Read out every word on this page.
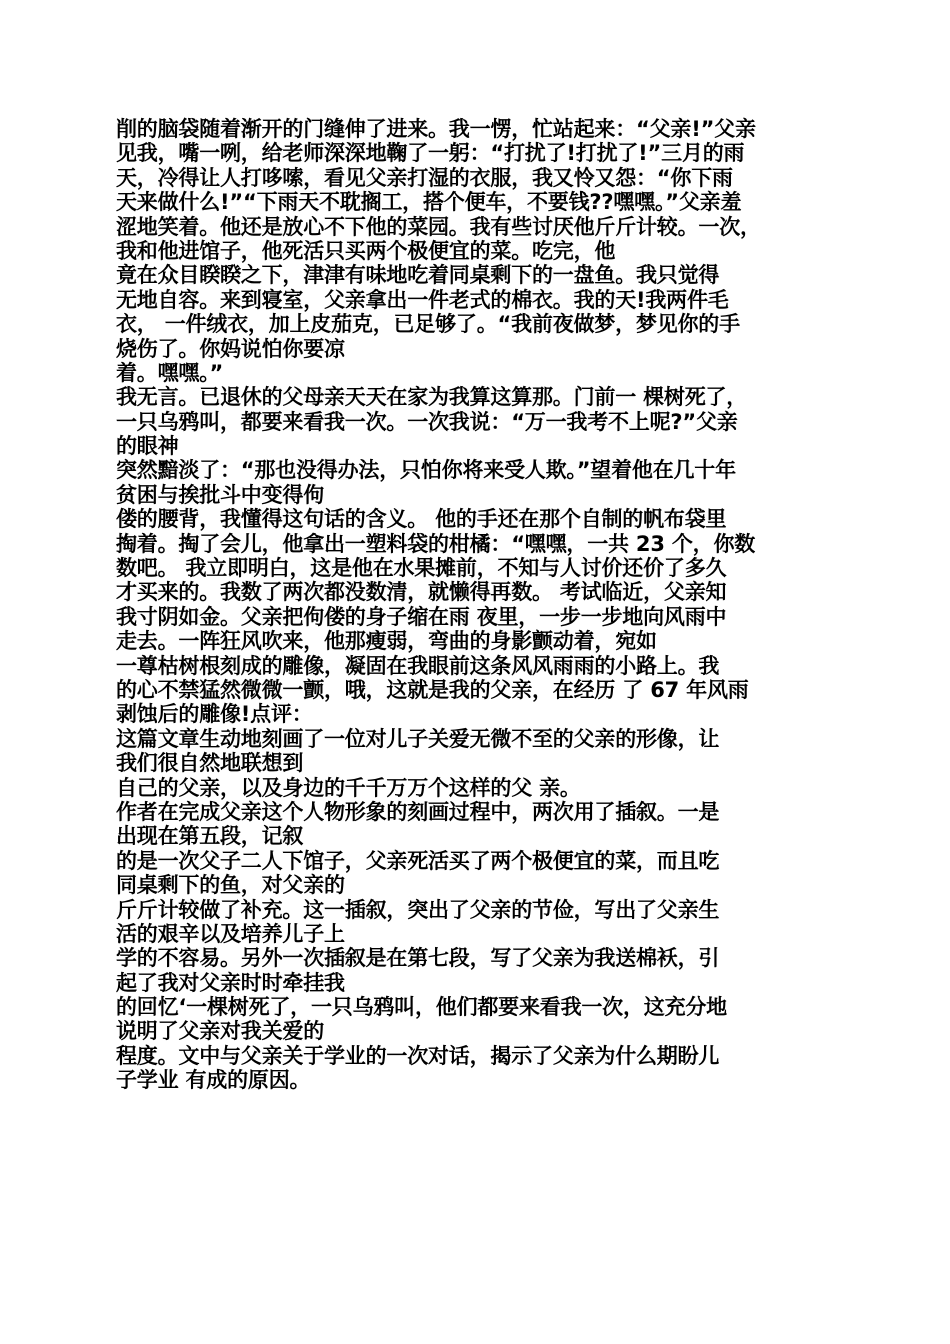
削的脑袋随着渐开的门缝伸了进来。我一愣，忙站起来：“父亲!”父亲
见我，嘴一咧，给老师深深地鞠了一躬：“打扰了!打扰了!”三月的雨
天，冷得让人打哆嗦，看见父亲打湿的衣服，我又怜又怨：“你下雨
天来做什么!”“下雨天不耽搁工，搭个便车，不要钱??嘿嘿。”父亲羞
涩地笑着。他还是放心不下他的菜园。我有些讨厌他斤斤计较。一次，
我和他进馆子，他死活只买两个极便宜的菜。吃完，他
竟在众目睽睽之下，津津有味地吃着同桌剩下的一盘鱼。我只觉得
无地自容。来到寝室，父亲拿出一件老式的棉衣。我的天!我两件毛
衣， 一件绒衣，加上皮茄克，已足够了。“我前夜做梦，梦见你的手
烧伤了。你妈说怕你要凉
着。嘿嘿。”
我无言。已退休的父母亲天天在家为我算这算那。门前一 棵树死了，
一只乌鸦叫，都要来看我一次。一次我说：“万一我考不上呢?”父亲
的眼神
突然黯淡了：“那也没得办法，只怕你将来受人欺。”望着他在几十年
贫困与挨批斗中变得佝
偻的腰背，我懂得这句话的含义。 他的手还在那个自制的帆布袋里
掏着。掏了会儿，他拿出一塑料袋的柑橘：“嘿嘿，一共 23 个，你数
数吧。 我立即明白，这是他在水果摊前，不知与人讨价还价了多久
才买来的。我数了两次都没数清，就懒得再数。 考试临近，父亲知
我寸阴如金。父亲把佝偻的身子缩在雨 夜里，一步一步地向风雨中
走去。一阵狂风吹来，他那瘦弱，弯曲的身影颤动着，宛如
一尊枯树根刻成的雕像，凝固在我眼前这条风风雨雨的小路上。我
的心不禁猛然微微一颤，哦，这就是我的父亲，在经历 了 67 年风雨
剥蚀后的雕像!点评：
这篇文章生动地刻画了一位对儿子关爱无微不至的父亲的形像，让
我们很自然地联想到
自己的父亲，以及身边的千千万万个这样的父 亲。
作者在完成父亲这个人物形象的刻画过程中，两次用了插叙。一是
出现在第五段，记叙
的是一次父子二人下馆子，父亲死活买了两个极便宜的菜，而且吃
同桌剩下的鱼，对父亲的
斤斤计较做了补充。这一插叙，突出了父亲的节俭，写出了父亲生
活的艰辛以及培养儿子上
学的不容易。另外一次插叙是在第七段，写了父亲为我送棉袄，引
起了我对父亲时时牵挂我
的回忆‘一棵树死了，一只乌鸦叫，他们都要来看我一次，这充分地
说明了父亲对我关爱的
程度。文中与父亲关于学业的一次对话，揭示了父亲为什么期盼儿
子学业 有成的原因。
